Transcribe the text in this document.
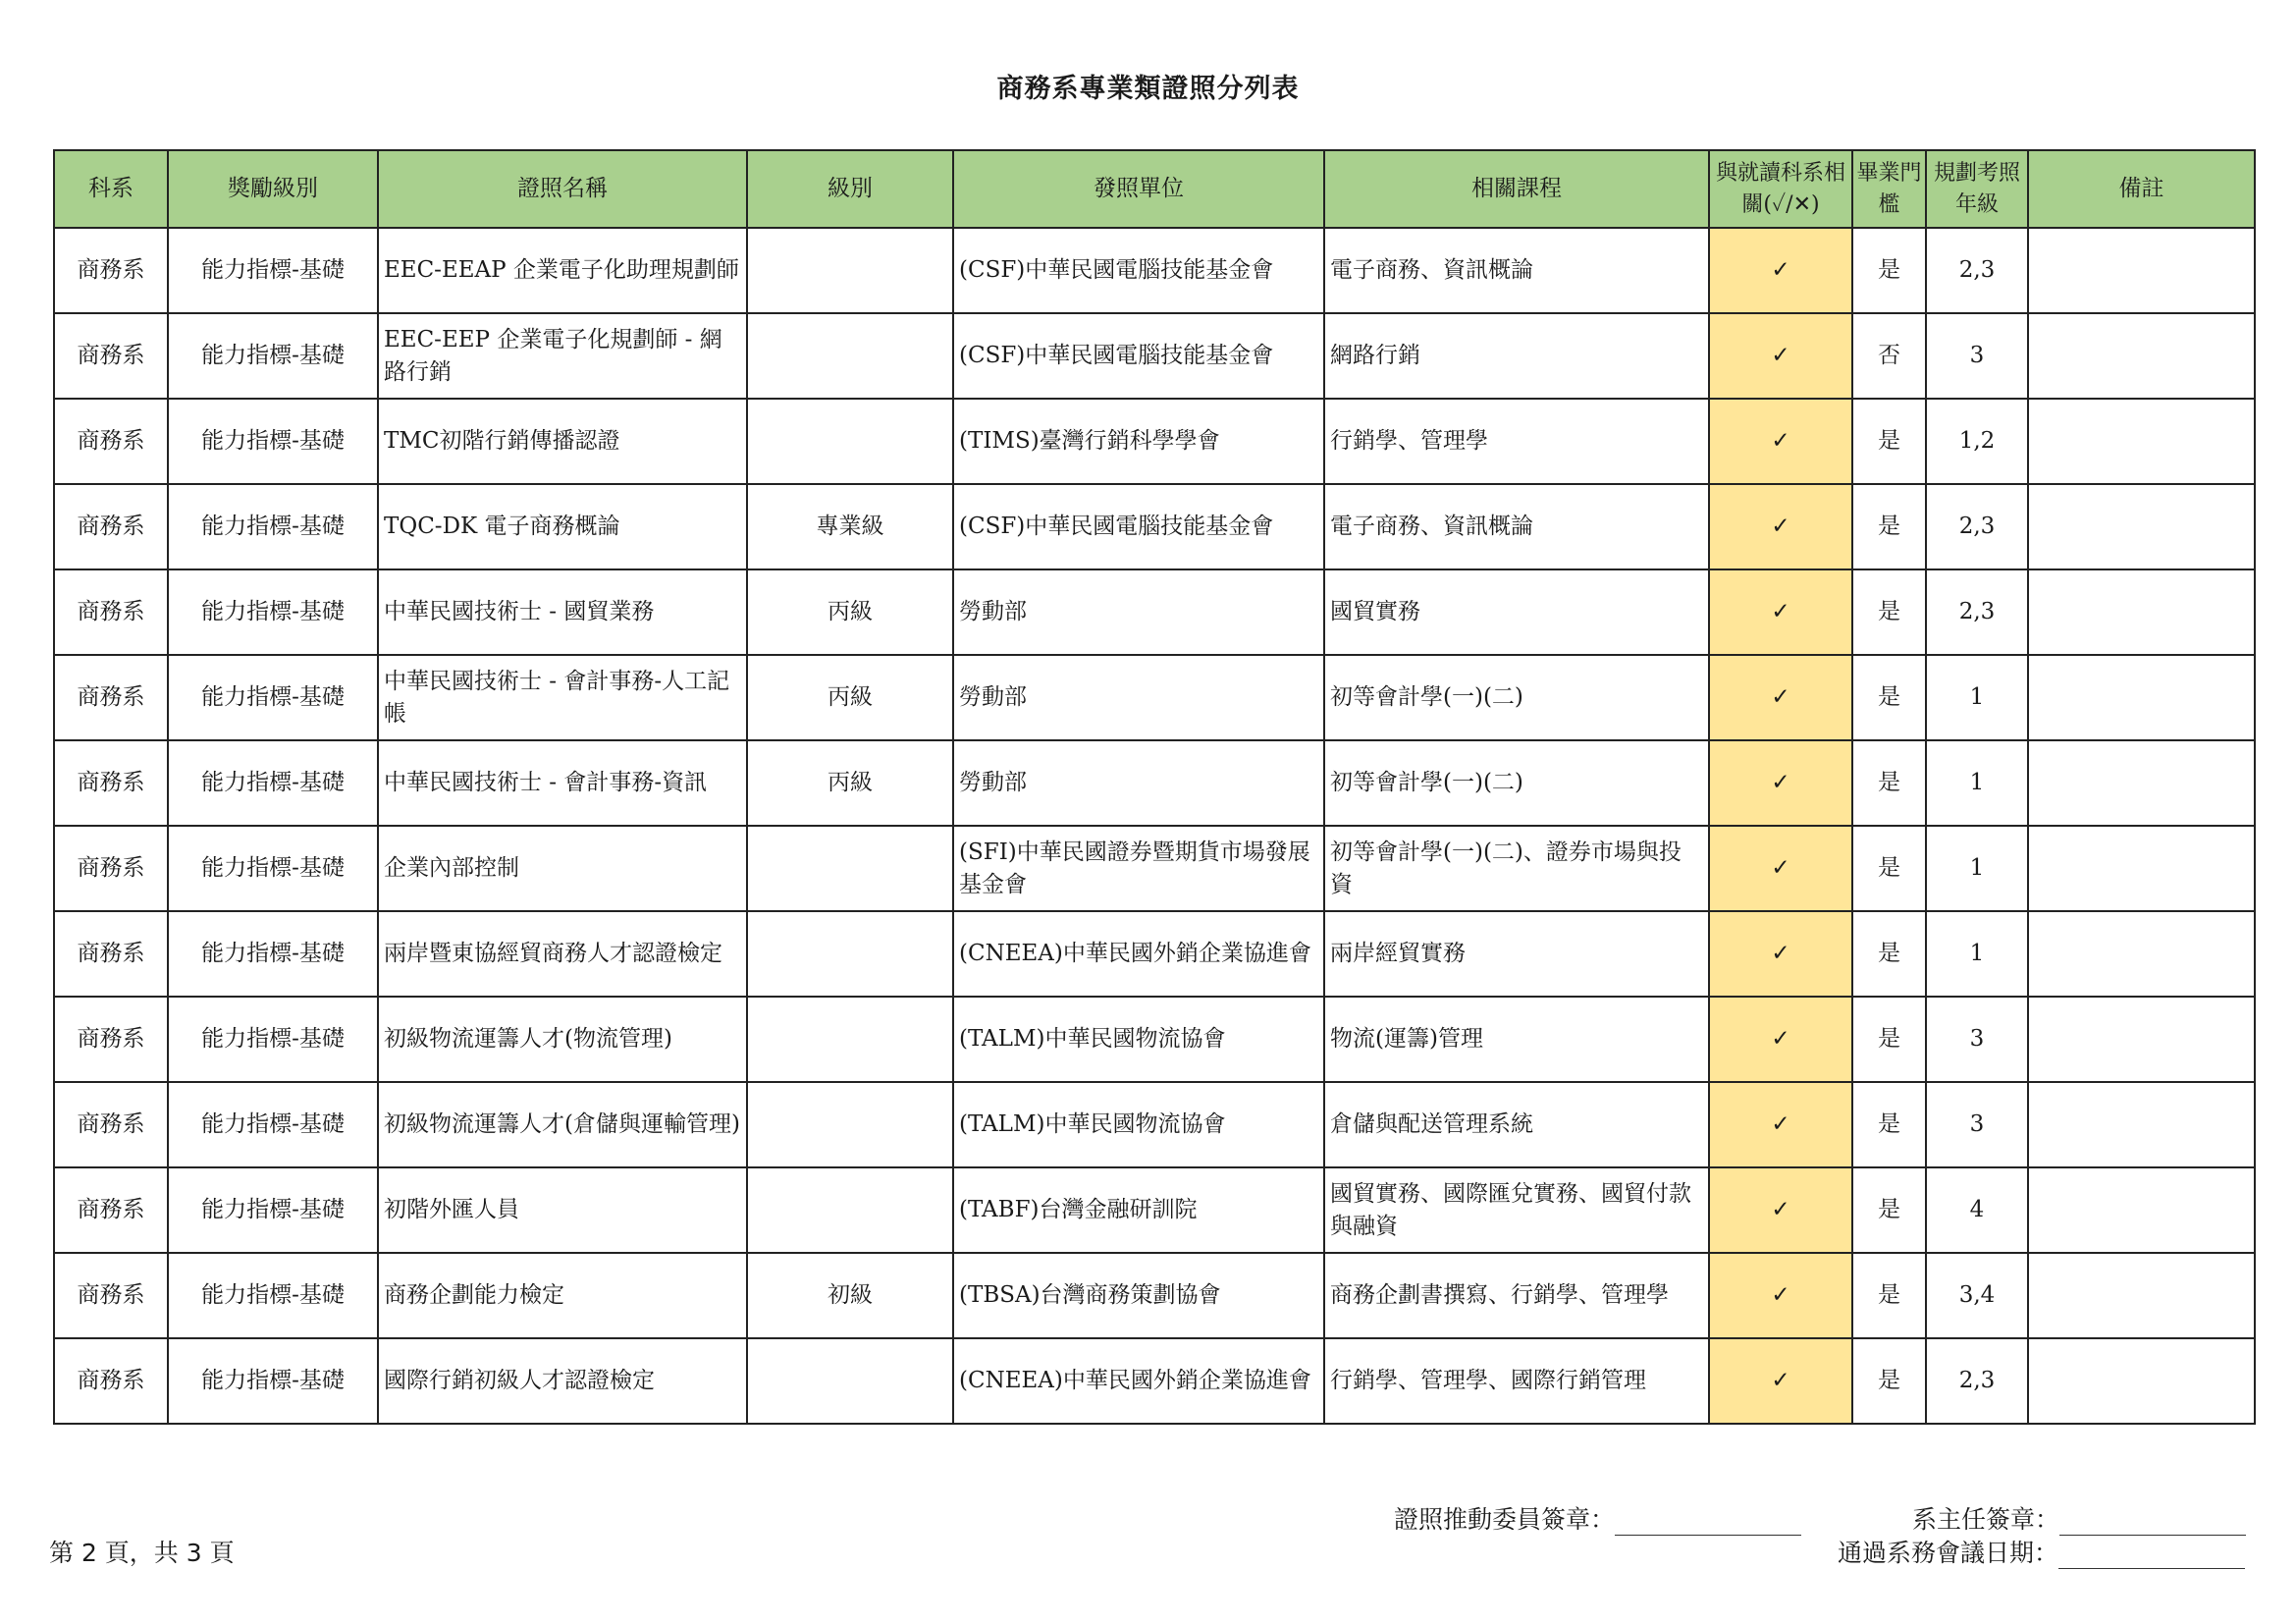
商務系專業類證照分列表
科系	獎勵級別	證照名稱	級別	發照單位	相關課程	與就讀科系相關(✓/✕)	畢業門檻	規劃考照年級	備註
商務系	能力指標-基礎	EEC-EEAP 企業電子化助理規劃師		(CSF)中華民國電腦技能基金會	電子商務、資訊概論	✓	是	2,3	
商務系	能力指標-基礎	EEC-EEP 企業電子化規劃師 - 網路行銷		(CSF)中華民國電腦技能基金會	網路行銷	✓	否	3	
商務系	能力指標-基礎	TMC初階行銷傳播認證		(TIMS)臺灣行銷科學學會	行銷學、管理學	✓	是	1,2	
商務系	能力指標-基礎	TQC-DK 電子商務概論	專業級	(CSF)中華民國電腦技能基金會	電子商務、資訊概論	✓	是	2,3	
商務系	能力指標-基礎	中華民國技術士 - 國貿業務	丙級	勞動部	國貿實務	✓	是	2,3	
商務系	能力指標-基礎	中華民國技術士 - 會計事務-人工記帳	丙級	勞動部	初等會計學(一)(二)	✓	是	1	
商務系	能力指標-基礎	中華民國技術士 - 會計事務-資訊	丙級	勞動部	初等會計學(一)(二)	✓	是	1	
商務系	能力指標-基礎	企業內部控制		(SFI)中華民國證券暨期貨市場發展基金會	初等會計學(一)(二)、證券市場與投資	✓	是	1	
商務系	能力指標-基礎	兩岸暨東協經貿商務人才認證檢定		(CNEEA)中華民國外銷企業協進會	兩岸經貿實務	✓	是	1	
商務系	能力指標-基礎	初級物流運籌人才(物流管理)		(TALM)中華民國物流協會	物流(運籌)管理	✓	是	3	
商務系	能力指標-基礎	初級物流運籌人才(倉儲與運輸管理)		(TALM)中華民國物流協會	倉儲與配送管理系統	✓	是	3	
商務系	能力指標-基礎	初階外匯人員		(TABF)台灣金融研訓院	國貿實務、國際匯兌實務、國貿付款與融資	✓	是	4	
商務系	能力指標-基礎	商務企劃能力檢定	初級	(TBSA)台灣商務策劃協會	商務企劃書撰寫、行銷學、管理學	✓	是	3,4	
商務系	能力指標-基礎	國際行銷初級人才認證檢定		(CNEEA)中華民國外銷企業協進會	行銷學、管理學、國際行銷管理	✓	是	2,3	
證照推動委員簽章：	系主任簽章：
通過系務會議日期：
第 2 頁，共 3 頁
